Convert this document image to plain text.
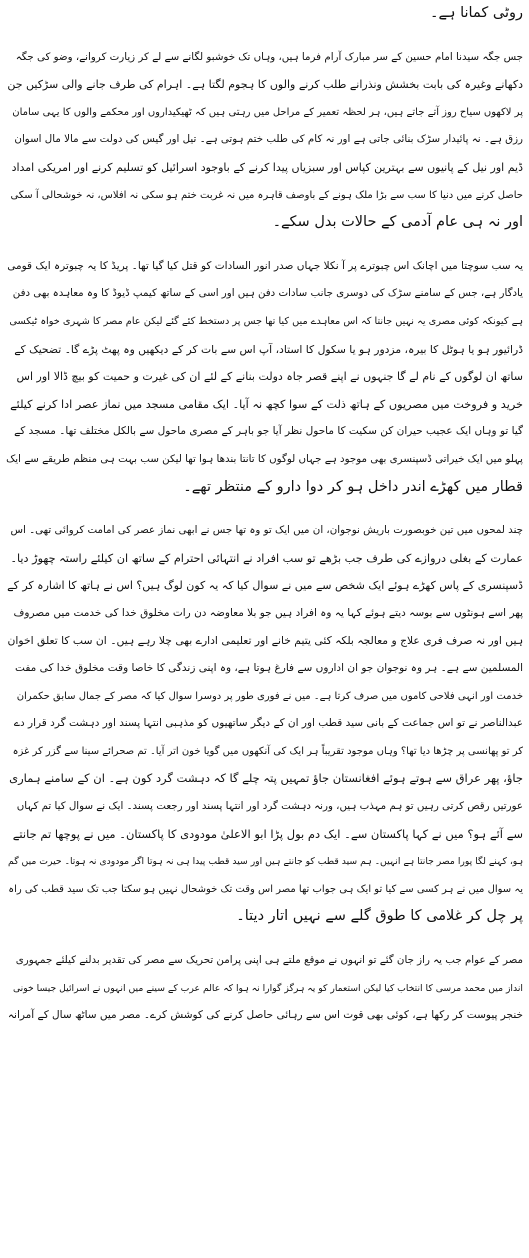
روٹی کمانا ہے۔
جس جگہ سیدنا امام حسین کے سر مبارک آرام فرما ہیں، وہاں تک خوشبو لگانے سے لے کر زیارت کروانے، وضو کی جگہ
دکھانے وغیرہ کی بابت بخشش ونذرانے طلب کرنے والوں کا ہجوم لگتا ہے۔ اہرام کی طرف جانے والی سڑکیں جن
پر لاکھوں سیاح روز آتے جاتے ہیں، ہر لحظہ تعمیر کے مراحل میں رہتی ہیں کہ ٹھیکیداروں اور محکمے والوں کا یہی سامان
رزق ہے۔ نہ پائیدار سڑک بنائی جاتی ہے اور نہ کام کی طلب ختم ہوتی ہے۔ تیل اور گیس کی دولت سے مالا مال اسوان
ڈیم اور نیل کے پانیوں سے بہترین کپاس اور سبزیاں پیدا کرنے کے باوجود اسرائیل کو تسلیم کرنے اور امریکی امداد
حاصل کرنے میں دنیا کا سب سے بڑا ملک ہونے کے باوصف قاہرہ میں نہ غربت ختم ہو سکی نہ افلاس، نہ خوشحالی آ سکی
اور نہ ہی عام آدمی کے حالات بدل سکے۔
یہ سب سوچتا میں اچانک اس چبوترے پر آ نکلا جہاں صدر انور السادات کو قتل کیا گیا تھا۔ پریڈ کا یہ چبوترہ ایک قومی
یادگار ہے، جس کے سامنے سڑک کی دوسری جانب سادات دفن ہیں اور اسی کے ساتھ کیمپ ڈیوڈ کا وہ معاہدہ بھی دفن
ہے کیونکہ کوئی مصری یہ نہیں جانتا کہ اس معاہدے میں کیا تھا جس پر دستخط کئے گئے لیکن عام مصر کا شہری خواہ ٹیکسی
ڈرائیور ہو یا ہوٹل کا بیرہ، مزدور ہو یا سکول کا استاد، آپ اس سے بات کر کے دیکھیں وہ پھٹ پڑے گا۔ تضحیک کے
ساتھ ان لوگوں کے نام لے گا جنہوں نے اپنے قصر جاہ دولت بنانے کے لئے ان کی غیرت و حمیت کو بیچ ڈالا اور اس
خرید و فروخت میں مصریوں کے ہاتھ ذلت کے سوا کچھ نہ آیا۔ ایک مقامی مسجد میں نماز عصر ادا کرنے کیلئے
گیا تو وہاں ایک عجیب حیران کن سکیت کا ماحول نظر آیا جو باہر کے مصری ماحول سے بالکل مختلف تھا۔ مسجد کے
پہلو میں ایک خیراتی ڈسپنسری بھی موجود ہے جہاں لوگوں کا تانتا بندھا ہوا تھا لیکن سب بہت ہی منظم طریقے سے ایک
قطار میں کھڑے اندر داخل ہو کر دوا دارو کے منتظر تھے۔
چند لمحوں میں تین خوبصورت باریش نوجوان، ان میں ایک تو وہ تھا جس نے ابھی نماز عصر کی امامت کروائی تھی۔ اس
عمارت کے بغلی دروازے کی طرف جب بڑھے تو سب افراد نے انتہائی احترام کے ساتھ ان کیلئے راستہ چھوڑ دیا۔
ڈسپنسری کے پاس کھڑے ہوئے ایک شخص سے میں نے سوال کیا کہ یہ کون لوگ ہیں؟ اس نے ہاتھ کا اشارہ کر کے
پھر اسے ہونٹوں سے بوسہ دیتے ہوئے کہا یہ وہ افراد ہیں جو بلا معاوضہ دن رات مخلوق خدا کی خدمت میں مصروف
ہیں اور نہ صرف فری علاج و معالجہ بلکہ کئی یتیم خانے اور تعلیمی ادارے بھی چلا رہے ہیں۔ ان سب کا تعلق اخوان
المسلمین سے ہے۔ ہر وہ نوجوان جو ان اداروں سے فارغ ہوتا ہے، وہ اپنی زندگی کا خاصا وقت مخلوق خدا کی مفت
خدمت اور انہی فلاحی کاموں میں صرف کرتا ہے۔ میں نے فوری طور پر دوسرا سوال کیا کہ مصر کے جمال سابق حکمران
عبدالناصر نے تو اس جماعت کے بانی سید قطب اور ان کے دیگر ساتھیوں کو مذہبی انتہا پسند اور دہشت گرد قرار دے
کر تو پھانسی پر چڑھا دیا تھا؟ وہاں موجود تقریباً ہر ایک کی آنکھوں میں گویا خون اتر آیا۔ تم صحرائے سینا سے گزر کر غزہ
جاؤ، پھر عراق سے ہوتے ہوئے افغانستان جاؤ تمہیں پتہ چلے گا کہ دہشت گرد کون ہے۔ ان کے سامنے ہماری
عورتیں رقص کرتی رہیں تو ہم مہذب ہیں، ورنہ دہشت گرد اور انتہا پسند اور رجعت پسند۔ ایک نے سوال کیا تم کہاں
سے آئے ہو؟ میں نے کہا پاکستان سے۔ ایک دم بول پڑا ابو الاعلیٰ مودودی کا پاکستان۔ میں نے پوچھا تم جانتے
ہو، کہنے لگا پورا مصر جانتا ہے انہیں۔ ہم سید قطب کو جانتے ہیں اور سید قطب پیدا ہی نہ ہوتا اگر مودودی نہ ہوتا۔ حیرت میں گم
یہ سوال میں نے ہر کسی سے کیا تو ایک ہی جواب تھا مصر اس وقت تک خوشحال نہیں ہو سکتا جب تک سید قطب کی راہ
پر چل کر غلامی کا طوق گلے سے نہیں اتار دیتا۔
مصر کے عوام جب یہ راز جان گئے تو انہوں نے موقع ملتے ہی اپنی پرامن تحریک سے مصر کی تقدیر بدلنے کیلئے جمہوری
انداز میں محمد مرسی کا انتخاب کیا لیکن استعمار کو یہ ہرگز گوارا نہ ہوا کہ عالم عرب کے سینے میں انہوں نے اسرائیل جیسا خونی
خنجر پیوست کر رکھا ہے، کوئی بھی قوت اس سے رہائی حاصل کرنے کی کوشش کرے۔ مصر میں ساٹھ سال کے آمرانہ
